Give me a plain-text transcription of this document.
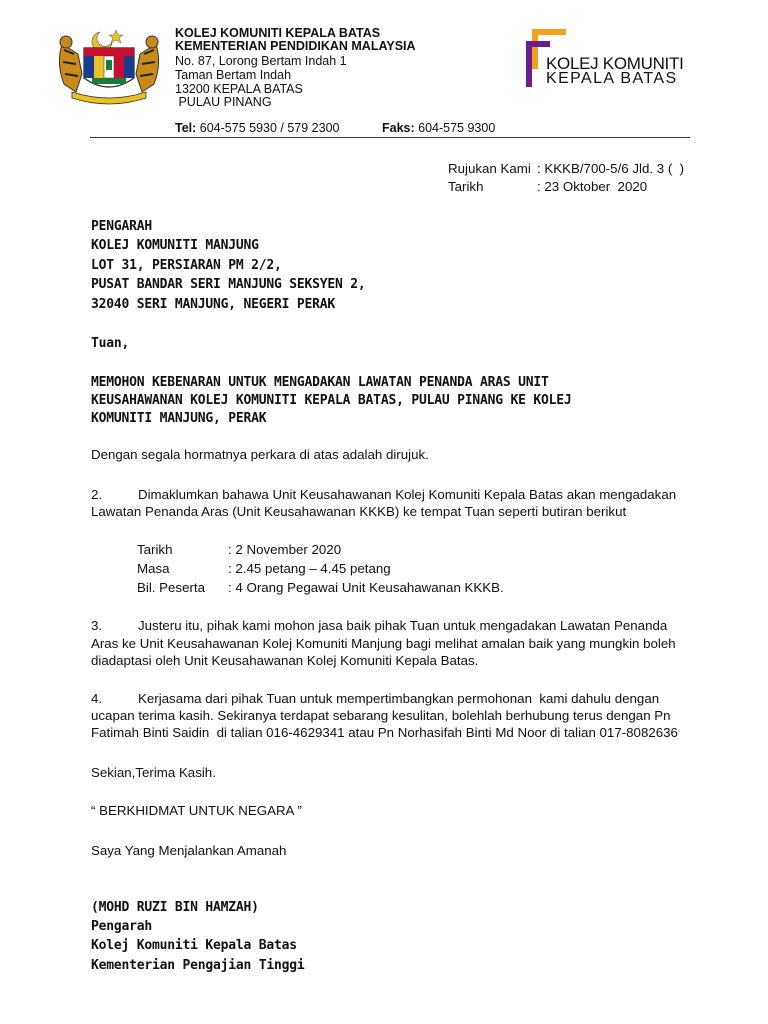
KOLEJ KOMUNITI KEPALA BATAS
KEMENTERIAN PENDIDIKAN MALAYSIA
No. 87, Lorong Bertam Indah 1
Taman Bertam Indah
13200 KEPALA BATAS
PULAU PINANG
KOLEJ KOMUNITI
KEPALA BATAS
Tel: 604-575 5930 / 579 2300	Faks: 604-575 9300
Rujukan Kami : KKKB/700-5/6 Jld. 3 (  )
Tarikh	: 23 Oktober  2020
PENGARAH
KOLEJ KOMUNITI MANJUNG
LOT 31, PERSIARAN PM 2/2,
PUSAT BANDAR SERI MANJUNG SEKSYEN 2,
32040 SERI MANJUNG, NEGERI PERAK
Tuan,
MEMOHON KEBENARAN UNTUK MENGADAKAN LAWATAN PENANDA ARAS UNIT
KEUSAHAWANAN KOLEJ KOMUNITI KEPALA BATAS, PULAU PINANG KE KOLEJ
KOMUNITI MANJUNG, PERAK
Dengan segala hormatnya perkara di atas adalah dirujuk.
2.	Dimaklumkan bahawa Unit Keusahawanan Kolej Komuniti Kepala Batas akan mengadakan
Lawatan Penanda Aras (Unit Keusahawanan KKKB) ke tempat Tuan seperti butiran berikut
Tarikh	: 2 November 2020
Masa	: 2.45 petang – 4.45 petang
Bil. Peserta : 4 Orang Pegawai Unit Keusahawanan KKKB.
3.	Justeru itu, pihak kami mohon jasa baik pihak Tuan untuk mengadakan Lawatan Penanda
Aras ke Unit Keusahawanan Kolej Komuniti Manjung bagi melihat amalan baik yang mungkin boleh
diadaptasi oleh Unit Keusahawanan Kolej Komuniti Kepala Batas.
4.	Kerjasama dari pihak Tuan untuk mempertimbangkan permohonan  kami dahulu dengan
ucapan terima kasih. Sekiranya terdapat sebarang kesulitan, bolehlah berhubung terus dengan Pn
Fatimah Binti Saidin  di talian 016-4629341 atau Pn Norhasifah Binti Md Noor di talian 017-8082636
Sekian,Terima Kasih.
“ BERKHIDMAT UNTUK NEGARA ”
Saya Yang Menjalankan Amanah
(MOHD RUZI BIN HAMZAH)
Pengarah
Kolej Komuniti Kepala Batas
Kementerian Pengajian Tinggi
